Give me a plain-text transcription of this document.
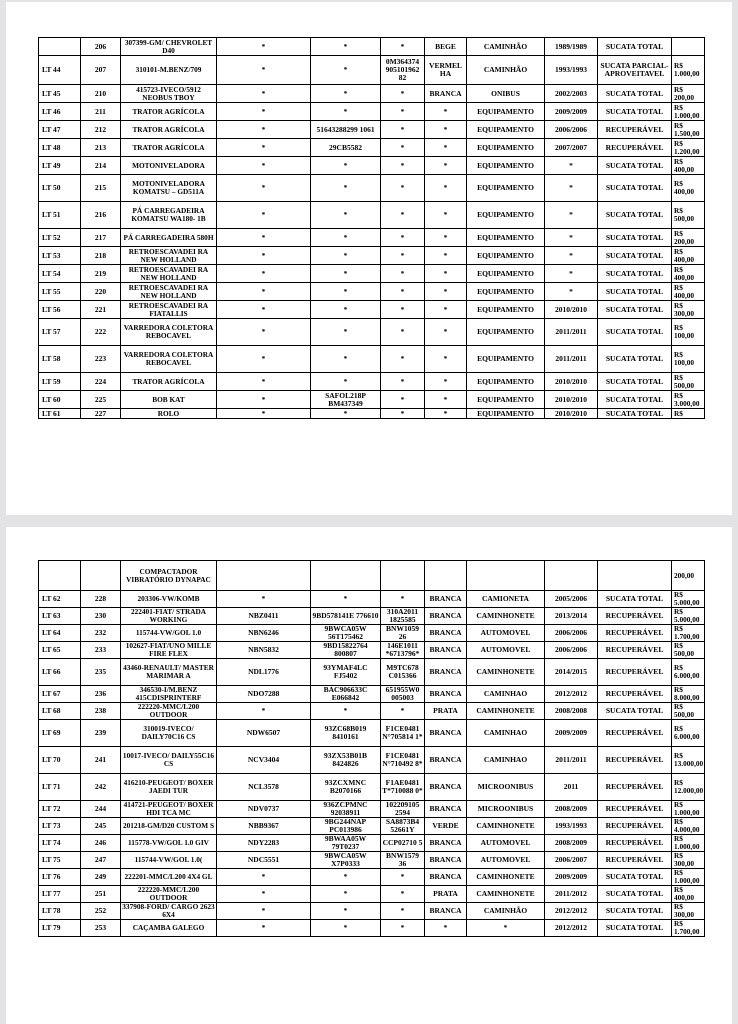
	206	307399-GM/ CHEVROLET D40	*	*	*	BEGE	CAMINHÃO	1989/1989	SUCATA TOTAL	
LT 44	207	310101-M.BENZ/709	*	*	0M364374 905101962 82	VERMEL HA	CAMINHÃO	1993/1993	SUCATA PARCIAL- APROVEITAVEL	R$ 1.000,00
LT 45	210	415723-IVECO/5912 NEOBUS TBOY	*	*	*	BRANCA	ONIBUS	2002/2003	SUCATA TOTAL	R$ 200,00
LT 46	211	TRATOR AGRÍCOLA	*	*	*	*	EQUIPAMENTO	2009/2009	SUCATA TOTAL	R$ 1.000,00
LT 47	212	TRATOR AGRÍCOLA	*	51643288299 1061	*	*	EQUIPAMENTO	2006/2006	RECUPERÁVEL	R$ 1.500,00
LT 48	213	TRATOR AGRÍCOLA	*	29CB5582	*	*	EQUIPAMENTO	2007/2007	RECUPERÁVEL	R$ 1.200,00
LT 49	214	MOTONIVELADORA	*	*	*	*	EQUIPAMENTO	*	SUCATA TOTAL	R$ 400,00
LT 50	215	MOTONIVELADORA KOMATSU – GD511A	*	*	*	*	EQUIPAMENTO	*	SUCATA TOTAL	R$ 400,00
LT 51	216	PÁ CARREGADEIRA KOMATSU WA180- 1B	*	*	*	*	EQUIPAMENTO	*	SUCATA TOTAL	R$ 500,00
LT 52	217	PÁ CARREGADEIRA 580H	*	*	*	*	EQUIPAMENTO	*	SUCATA TOTAL	R$ 200,00
LT 53	218	RETROESCAVADEI RA NEW HOLLAND	*	*	*	*	EQUIPAMENTO	*	SUCATA TOTAL	R$ 400,00
LT 54	219	RETROESCAVADEI RA NEW HOLLAND	*	*	*	*	EQUIPAMENTO	*	SUCATA TOTAL	R$ 400,00
LT 55	220	RETROESCAVADEI RA NEW HOLLAND	*	*	*	*	EQUIPAMENTO	*	SUCATA TOTAL	R$ 400,00
LT 56	221	RETROESCAVADEI RA FIATALLIS	*	*	*	*	EQUIPAMENTO	2010/2010	SUCATA TOTAL	R$ 300,00
LT 57	222	VARREDORA COLETORA REBOCAVEL	*	*	*	*	EQUIPAMENTO	2011/2011	SUCATA TOTAL	R$ 100,00
LT 58	223	VARREDORA COLETORA REBOCAVEL	*	*	*	*	EQUIPAMENTO	2011/2011	SUCATA TOTAL	R$ 100,00
LT 59	224	TRATOR AGRÍCOLA	*	*	*	*	EQUIPAMENTO	2010/2010	SUCATA TOTAL	R$ 500,00
LT 60	225	BOB KAT	*	SAFOL218P BM437349	*	*	EQUIPAMENTO	2010/2010	SUCATA TOTAL	R$ 3.000,00
LT 61	227	ROLO	*	*	*	*	EQUIPAMENTO	2010/2010	SUCATA TOTAL	R$
		COMPACTADOR VIBRATÓRIO DYNAPAC								200,00
LT 62	228	203306-VW/KOMB	*	*	*	BRANCA	CAMIONETA	2005/2006	SUCATA TOTAL	R$ 5.000,00
LT 63	230	222401-FIAT/ STRADA WORKING	NBZ0411	9BD578141E 776610	310A2011 1825585	BRANCA	CAMINHONETE	2013/2014	RECUPERÁVEL	R$ 5.000,00
LT 64	232	115744-VW/GOL 1.0	NBN6246	9BWCA05W 56T175462	BNW1059 26	BRANCA	AUTOMOVEL	2006/2006	RECUPERÁVEL	R$ 1.700,00
LT 65	233	102627-FIAT/UNO MILLE FIRE FLEX	NBN5832	9BD15822764 800807	146E1011 *6713796*	BRANCA	AUTOMOVEL	2006/2006	RECUPERÁVEL	R$ 500,00
LT 66	235	43460-RENAULT/ MASTER MARIMAR A	NDL1776	93YMAF4LC FJ5402	M9TC678 C015366	BRANCA	CAMINHONETE	2014/2015	RECUPERÁVEL	R$ 6.000,00
LT 67	236	346530-I/M.BENZ 415CDISPRINTERF	NDO7288	BAC906633C E066842	651955W0 005003	BRANCA	CAMINHAO	2012/2012	RECUPERÁVEL	R$ 8.000,00
LT 68	238	222220-MMC/L200 OUTDOOR	*	*	*	PRATA	CAMINHONETE	2008/2008	SUCATA TOTAL	R$ 500,00
LT 69	239	310019-IVECO/ DAILY70C16 CS	NDW6507	93ZC68B019 8410161	F1CE0481 N°705814 1*	BRANCA	CAMINHAO	2009/2009	RECUPERÁVEL	R$ 6.000,00
LT 70	241	10017-IVECO/ DAILY55C16 CS	NCV3404	93ZX53B01B 8424826	F1CE0481 N°710492 8*	BRANCA	CAMINHAO	2011/2011	RECUPERÁVEL	R$ 13.000,00
LT 71	242	416210-PEUGEOT/ BOXER JAEDI TUR	NCL3578	93ZCXMNC B2070166	F1AE0481 T*710088 0*	BRANCA	MICROONIBUS	2011	RECUPERÁVEL	R$ 12.000,00
LT 72	244	414721-PEUGEOT/ BOXER HDI TCA MC	NDV0737	936ZCPMNC 92038911	102209105 2594	BRANCA	MICROONIBUS	2008/2009	RECUPERÁVEL	R$ 1.000,00
LT 73	245	201218-GM/D20 CUSTOM S	NBB9367	9BG244NAP PC013986	SA8873B4 52661Y	VERDE	CAMINHONETE	1993/1993	RECUPERÁVEL	R$ 4.000,00
LT 74	246	115778-VW/GOL 1.0 GIV	NDY2283	9BWAA05W 79T0237	CCP02710 5	BRANCA	AUTOMOVEL	2008/2009	RECUPERÁVEL	R$ 1.000,00
LT 75	247	115744-VW/GOL 1.0(	NDC5551	9BWCA05W X7P0333	BNW1579 36	BRANCA	AUTOMOVEL	2006/2007	RECUPERÁVEL	R$ 300,00
LT 76	249	222201-MMC/L200 4X4 GL	*	*	*	BRANCA	CAMINHONETE	2009/2009	SUCATA TOTAL	R$ 1.000,00
LT 77	251	222220-MMC/L200 OUTDOOR	*	*	*	PRATA	CAMINHONETE	2011/2012	SUCATA TOTAL	R$ 400,00
LT 78	252	337908-FORD/ CARGO 2623 6X4	*	*	*	BRANCA	CAMINHÃO	2012/2012	SUCATA TOTAL	R$ 300,00
LT 79	253	CAÇAMBA GALEGO	*	*	*	*	*	2012/2012	SUCATA TOTAL	R$ 1.700,00
